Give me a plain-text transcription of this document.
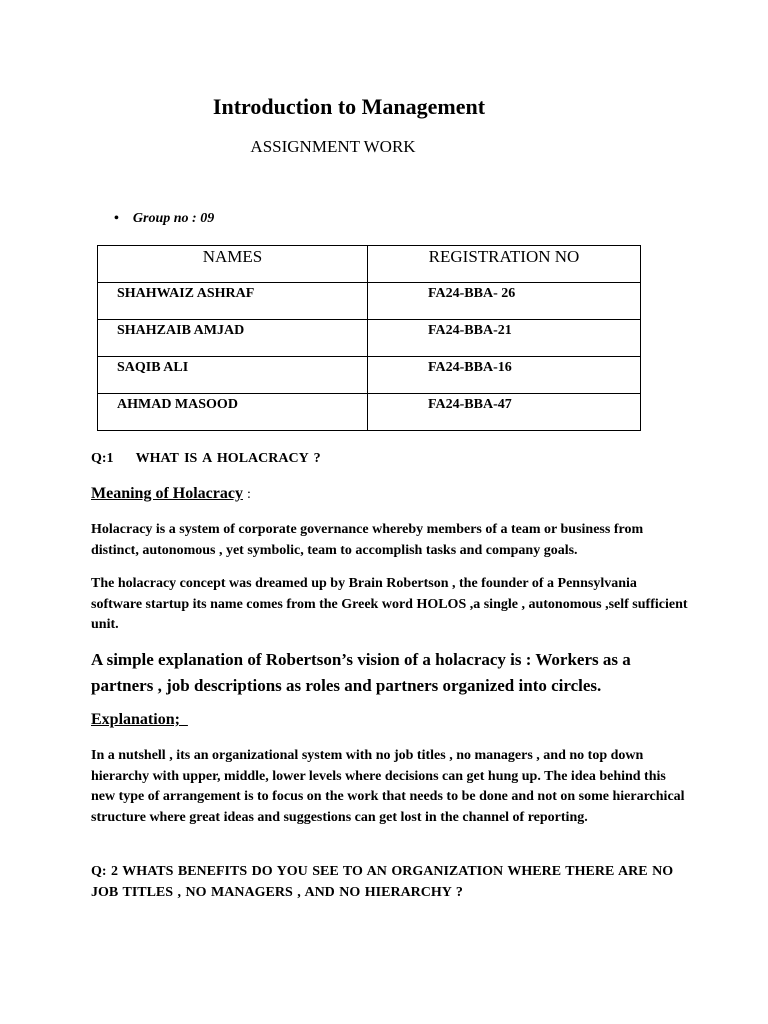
Introduction to Management
ASSIGNMENT WORK
• Group no : 09
NAMES	REGISTRATION NO
SHAHWAIZ ASHRAF	FA24-BBA- 26
SHAHZAIB AMJAD	FA24-BBA-21
SAQIB ALI	FA24-BBA-16
AHMAD MASOOD	FA24-BBA-47
Q:1 WHAT IS A HOLACRACY ?
Meaning of Holacracy :

Holacracy is a system of corporate governance whereby members of a team or business from distinct, autonomous , yet symbolic, team to accomplish tasks and company goals.

The holacracy concept was dreamed up by Brain Robertson , the founder of a Pennsylvania software startup its name comes from the Greek word HOLOS ,a single , autonomous ,self sufficient unit.

A simple explanation of Robertson’s vision of a holacracy is : Workers as a partners , job descriptions as roles and partners organized into circles.

Explanation;

In a nutshell , its an organizational system with no job titles , no managers , and no top down hierarchy with upper, middle, lower levels where decisions can get hung up. The idea behind this new type of arrangement is to focus on the work that needs to be done and not on some hierarchical structure where great ideas and suggestions can get lost in the channel of reporting.

Q: 2 WHATS BENEFITS DO YOU SEE TO AN ORGANIZATION WHERE THERE ARE NO JOB TITLES , NO MANAGERS , AND NO HIERARCHY ?
